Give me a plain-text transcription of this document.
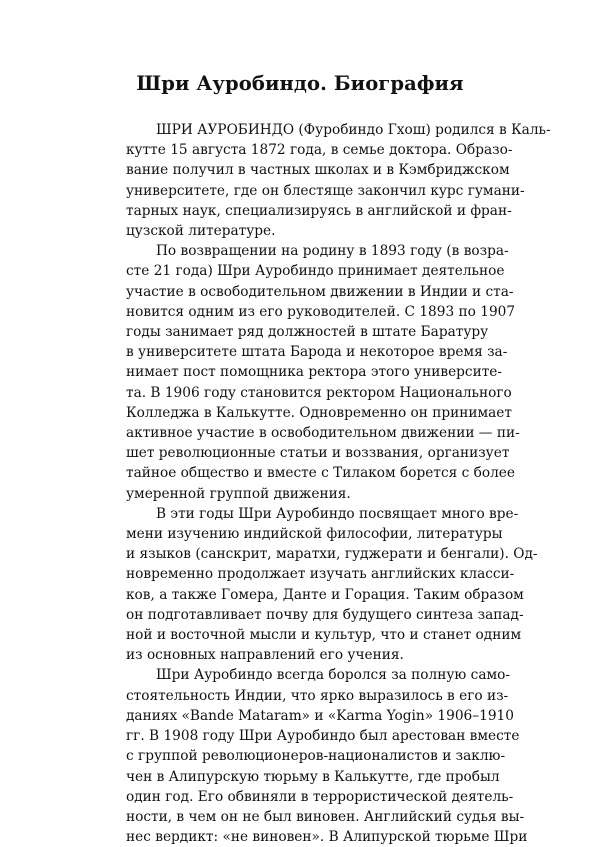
Шри Ауробиндо. Биография
ШРИ АУРОБИНДО (Фуробиндо Гхош) родился в Каль-
кутте 15 августа 1872 года, в семье доктора. Образо-
вание получил в частных школах и в Кэмбриджском
университете, где он блестяще закончил курс гумани-
тарных наук, специализируясь в английской и фран-
цузской литературе.
По возвращении на родину в 1893 году (в возра-
сте 21 года) Шри Ауробиндо принимает деятельное
участие в освободительном движении в Индии и ста-
новится одним из его руководителей. С 1893 по 1907
годы занимает ряд должностей в штате Баратуру
в университете штата Барода и некоторое время за-
нимает пост помощника ректора этого университе-
та. В 1906 году становится ректором Национального
Колледжа в Калькутте. Одновременно он принимает
активное участие в освободительном движении — пи-
шет революционные статьи и воззвания, организует
тайное общество и вместе с Тилаком борется с более
умеренной группой движения.
В эти годы Шри Ауробиндо посвящает много вре-
мени изучению индийской философии, литературы
и языков (санскрит, маратхи, гуджерати и бенгали). Од-
новременно продолжает изучать английских класси-
ков, а также Гомера, Данте и Горация. Таким образом
он подготавливает почву для будущего синтеза запад-
ной и восточной мысли и культур, что и станет одним
из основных направлений его учения.
Шри Ауробиндо всегда боролся за полную само-
стоятельность Индии, что ярко выразилось в его из-
даниях «Bande Mataram» и «Karma Yogin» 1906–1910
гг. В 1908 году Шри Ауробиндо был арестован вместе
с группой революционеров-националистов и заклю-
чен в Алипурскую тюрьму в Калькутте, где пробыл
один год. Его обвиняли в террористической деятель-
ности, в чем он не был виновен. Английский судья вы-
нес вердикт: «не виновен». В Алипурской тюрьме Шри
